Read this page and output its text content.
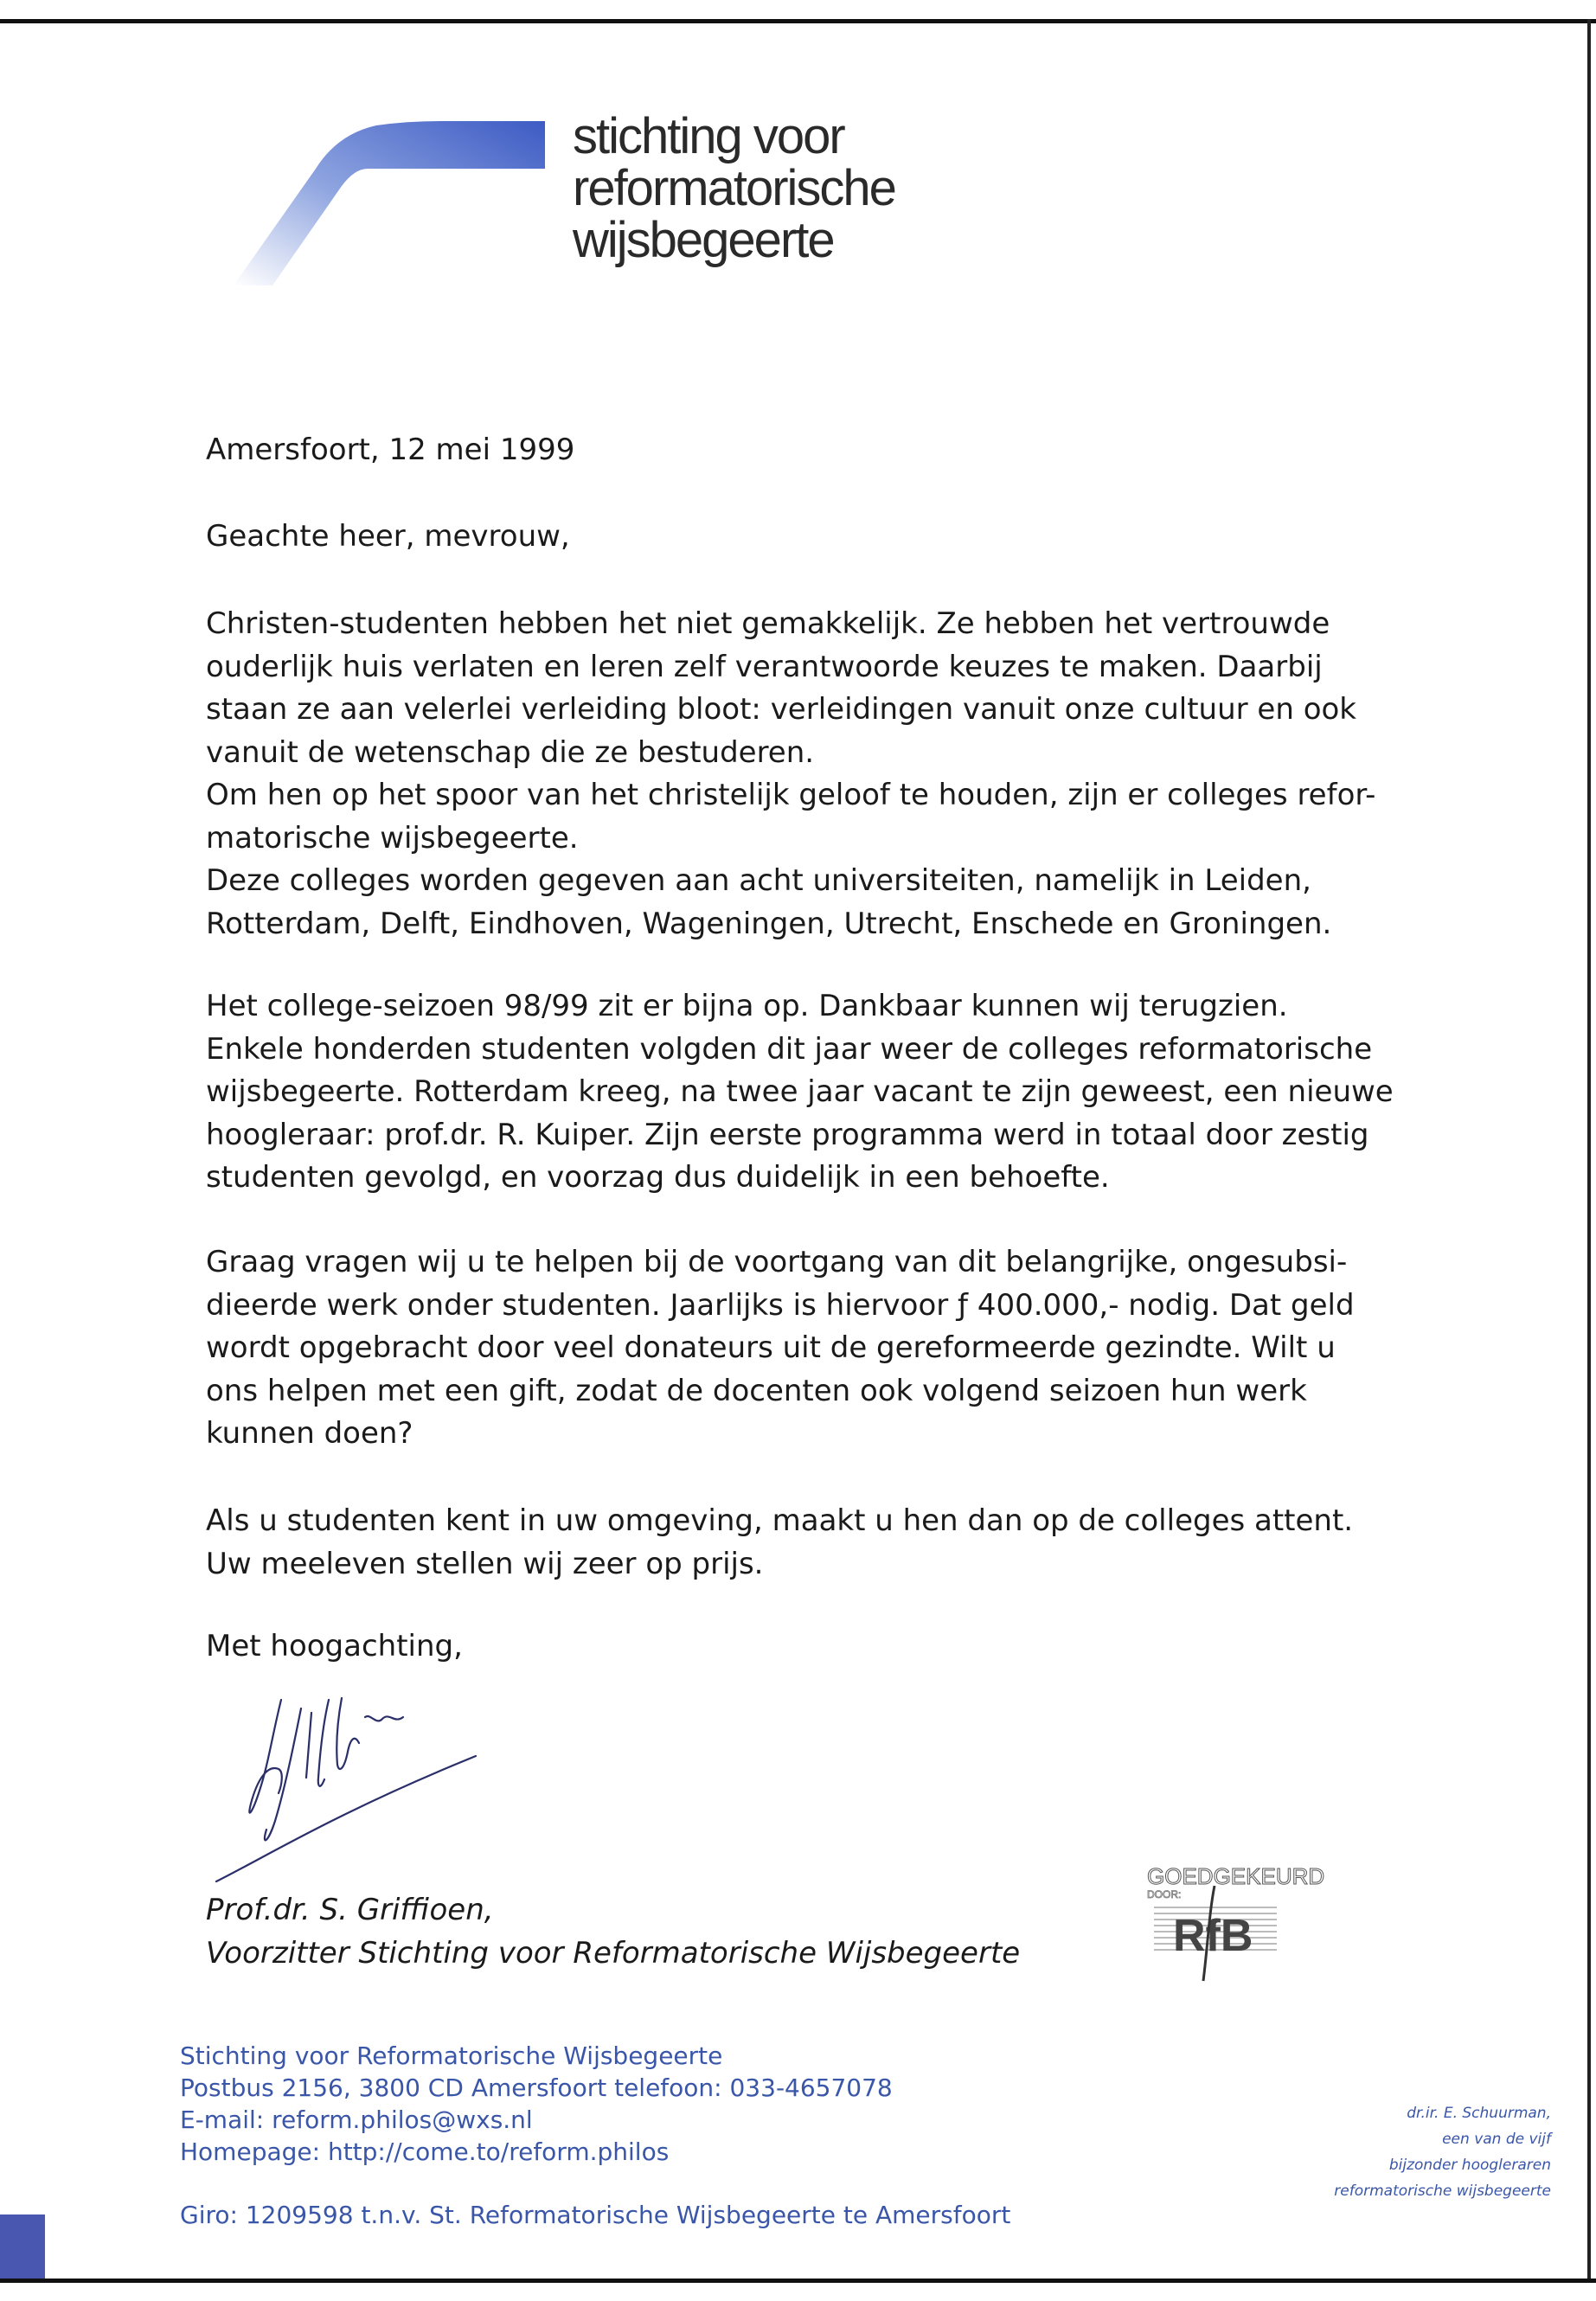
stichting voor
reformatorische
wijsbegeerte
Amersfoort, 12 mei 1999
Geachte heer, mevrouw,
Christen-studenten hebben het niet gemakkelijk. Ze hebben het vertrouwde
ouderlijk huis verlaten en leren zelf verantwoorde keuzes te maken. Daarbij
staan ze aan velerlei verleiding bloot: verleidingen vanuit onze cultuur en ook
vanuit de wetenschap die ze bestuderen.
Om hen op het spoor van het christelijk geloof te houden, zijn er colleges refor-
matorische wijsbegeerte.
Deze colleges worden gegeven aan acht universiteiten, namelijk in Leiden,
Rotterdam, Delft, Eindhoven, Wageningen, Utrecht, Enschede en Groningen.
Het college-seizoen 98/99 zit er bijna op. Dankbaar kunnen wij terugzien.
Enkele honderden studenten volgden dit jaar weer de colleges reformatorische
wijsbegeerte. Rotterdam kreeg, na twee jaar vacant te zijn geweest, een nieuwe
hoogleraar: prof.dr. R. Kuiper. Zijn eerste programma werd in totaal door zestig
studenten gevolgd, en voorzag dus duidelijk in een behoefte.
Graag vragen wij u te helpen bij de voortgang van dit belangrijke, ongesubsi-
dieerde werk onder studenten. Jaarlijks is hiervoor ƒ 400.000,- nodig. Dat geld
wordt opgebracht door veel donateurs uit de gereformeerde gezindte. Wilt u
ons helpen met een gift, zodat de docenten ook volgend seizoen hun werk
kunnen doen?
Als u studenten kent in uw omgeving, maakt u hen dan op de colleges attent.
Uw meeleven stellen wij zeer op prijs.
Met hoogachting,
Prof.dr. S. Griffioen,
Voorzitter Stichting voor Reformatorische Wijsbegeerte
GOEDGEKEURD
DOOR:
RfB
Stichting voor Reformatorische Wijsbegeerte
Postbus 2156, 3800 CD Amersfoort telefoon: 033-4657078
E-mail: reform.philos@wxs.nl
Homepage: http://come.to/reform.philos
Giro: 1209598 t.n.v. St. Reformatorische Wijsbegeerte te Amersfoort
dr.ir. E. Schuurman,
een van de vijf
bijzonder hoogleraren
reformatorische wijsbegeerte
